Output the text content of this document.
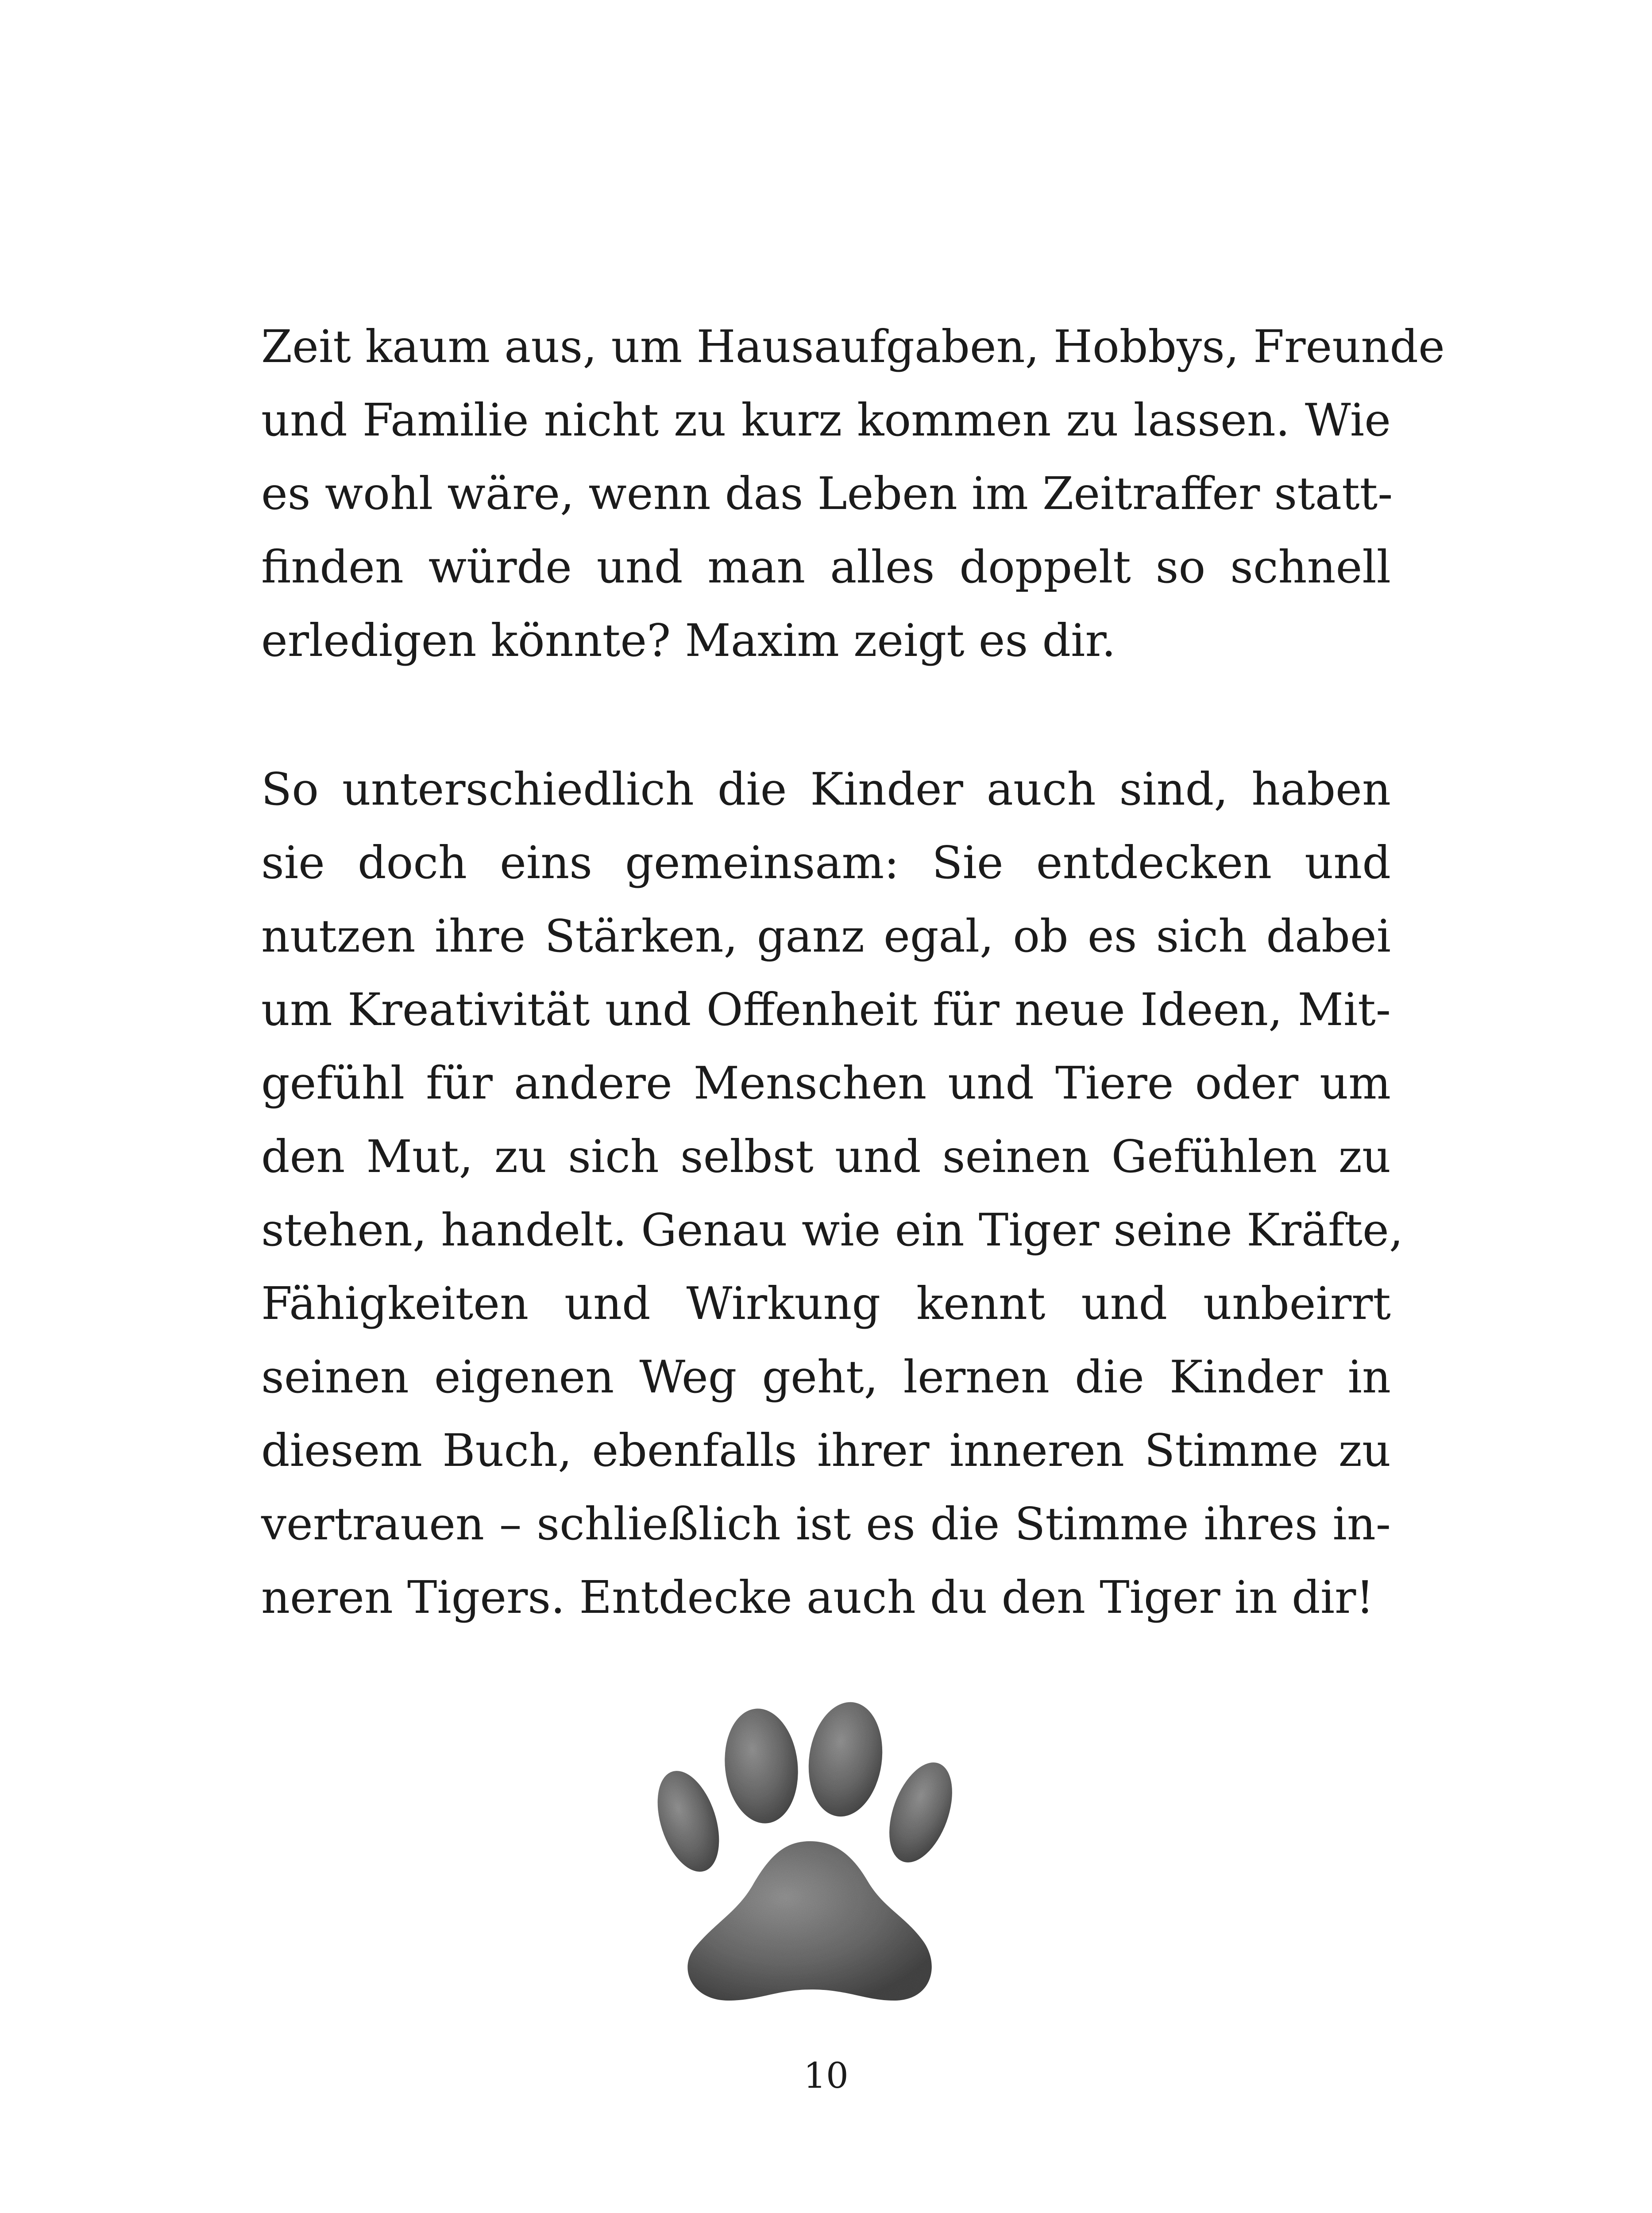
Zeit kaum aus, um Hausaufgaben, Hobbys, Freunde
und Familie nicht zu kurz kommen zu lassen. Wie
es wohl wäre, wenn das Leben im Zeitraffer statt-
finden würde und man alles doppelt so schnell
erledigen könnte? Maxim zeigt es dir.
So unterschiedlich die Kinder auch sind, haben
sie doch eins gemeinsam: Sie entdecken und
nutzen ihre Stärken, ganz egal, ob es sich dabei
um Kreativität und Offenheit für neue Ideen, Mit-
gefühl für andere Menschen und Tiere oder um
den Mut, zu sich selbst und seinen Gefühlen zu
stehen, handelt. Genau wie ein Tiger seine Kräfte,
Fähigkeiten und Wirkung kennt und unbeirrt
seinen eigenen Weg geht, lernen die Kinder in
diesem Buch, ebenfalls ihrer inneren Stimme zu
vertrauen – schließlich ist es die Stimme ihres in-
neren Tigers. Entdecke auch du den Tiger in dir!
10
